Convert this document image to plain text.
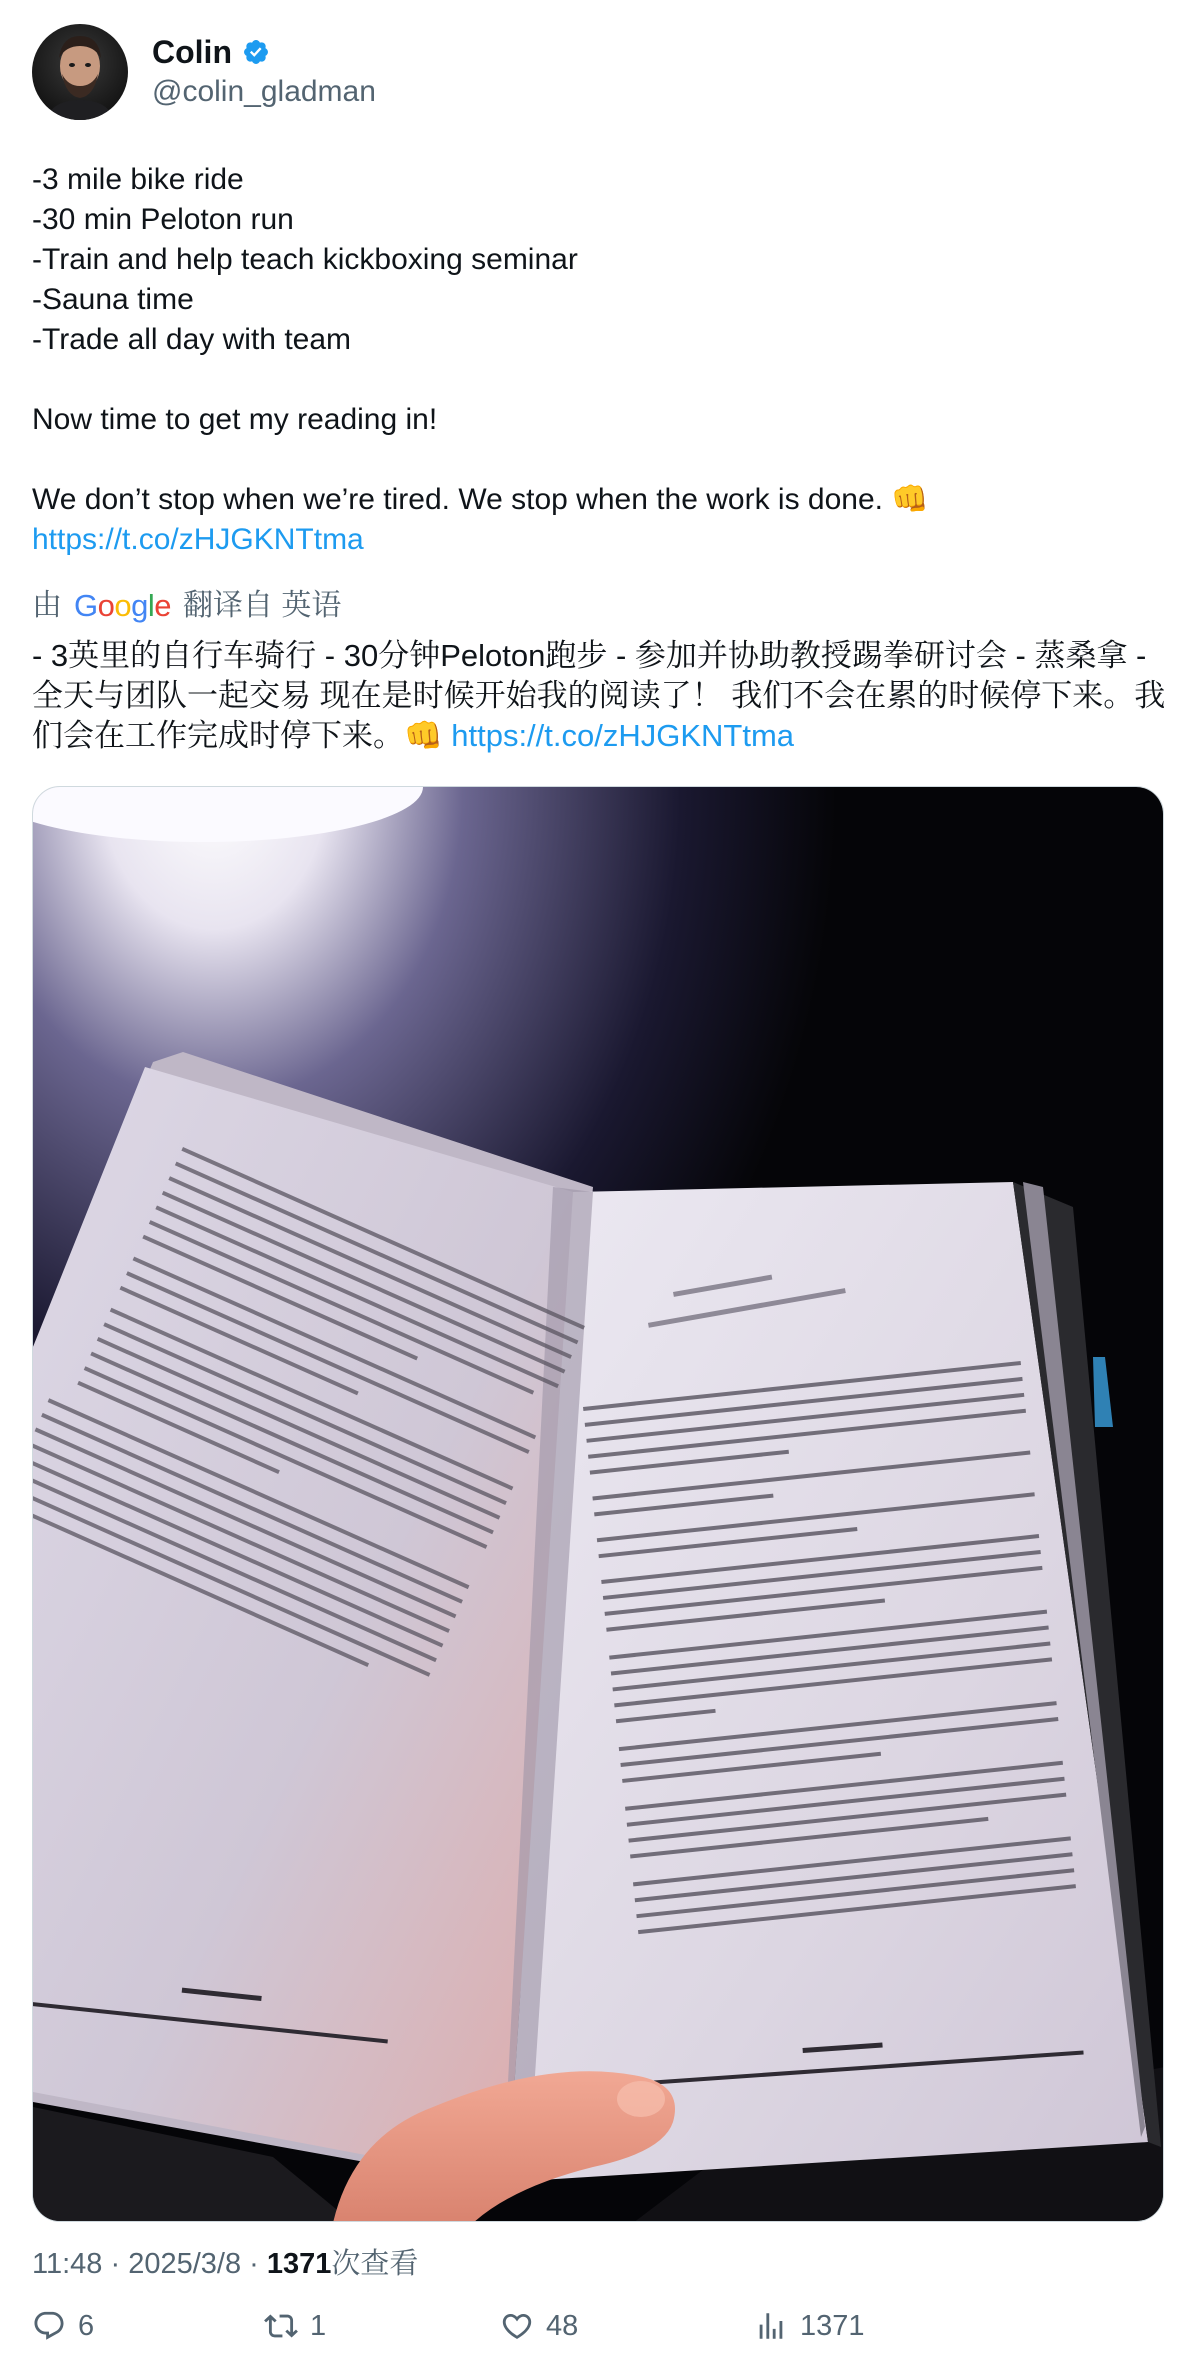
Colin
@colin_gladman
-3 mile bike ride
-30 min Peloton run
-Train and help teach kickboxing seminar
-Sauna time
-Trade all day with team

Now time to get my reading in!

We don’t stop when we’re tired. We stop when the work is done. 👊
https://t.co/zHJGKNTtma
由 Google 翻译自 英语
- 3英里的自行车骑行 - 30分钟Peloton跑步 - 参加并协助教授踢拳研讨会 - 蒸桑拿 - 全天与团队一起交易 现在是时候开始我的阅读了！ 我们不会在累的时候停下来。我们会在工作完成时停下来。👊 https://t.co/zHJGKNTtma
11:48 · 2025/3/8 · 1371次查看
6	1	48	1371
